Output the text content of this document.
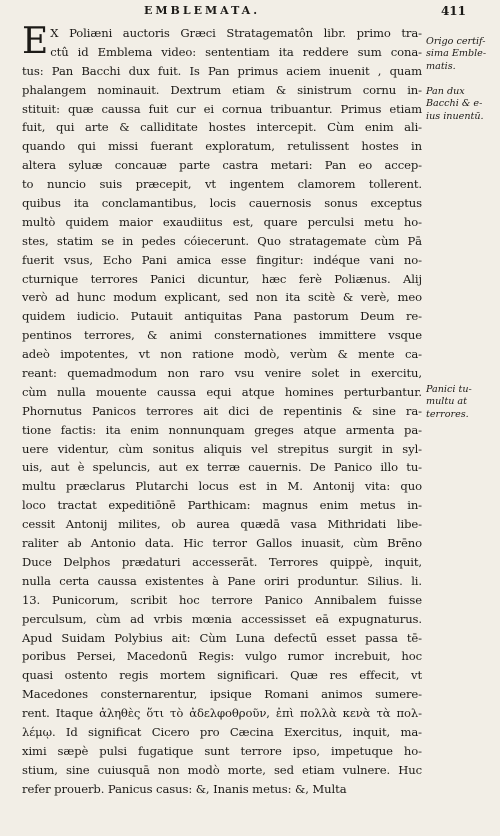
EMBLEMATA.	411
E X Poliæni auctoris Græci Stratagematôn libr. primo tra-
ctû id Emblema video: sententiam ita reddere sum cona-
tus: Pan Bacchi dux fuit. Is Pan primus aciem inuenit , quam
phalangem nominauit. Dextrum etiam & sinistrum cornu in-
stituit: quæ caussa fuit cur ei cornua tribuantur. Primus etiam
fuit, qui arte & calliditate hostes intercepit. Cùm enim ali-
quando qui missi fuerant exploratum, retulissent hostes in
altera syluæ concauæ parte castra metari: Pan eo accep-
to nuncio suis præcepit, vt ingentem clamorem tollerent.
quibus ita conclamantibus, locis cauernosis sonus exceptus
multò quidem maior exaudiitus est, quare perculsi metu ho-
stes, statim se in pedes cóiecerunt. Quo stratagemate cùm Pā
fuerit vsus, Echo Pani amica esse fingitur: indéque vani no-
cturnique terrores Panici dicuntur, hæc ferè Poliænus. Alij
verò ad hunc modum explicant, sed non ita scitè & verè, meo
quidem iudicio. Putauit antiquitas Pana pastorum Deum re-
pentinos terrores, & animi consternationes immittere vsque
adeò impotentes, vt non ratione modò, verùm & mente ca-
reant: quemadmodum non raro vsu venire solet in exercitu,
cùm nulla mouente caussa equi atque homines perturbantur.
Phornutus Panicos terrores ait dici de repentinis & sine ra-
tione factis: ita enim nonnunquam greges atque armenta pa-
uere videntur, cùm sonitus aliquis vel strepitus surgit in syl-
uis, aut è speluncis, aut ex terræ cauernis. De Panico illo tu-
multu præclarus Plutarchi locus est in M. Antonij vita: quo
loco tractat expeditiōnē Parthicam: magnus enim metus in-
cessit Antonij milites, ob aurea quædā vasa Mithridati libe-
raliter ab Antonio data. Hic terror Gallos inuasit, cùm Brēno
Duce Delphos prædaturi accesserāt. Terrores quippè, inquit,
nulla certa caussa existentes à Pane oriri produntur. Silius. li.
13. Punicorum, scribit hoc terrore Panico Annibalem fuisse
perculsum, cùm ad vrbis mœnia accessisset eā expugnaturus.
Apud Suidam Polybius ait: Cùm Luna defectū esset passa tē-
poribus Persei, Macedonū Regis: vulgo rumor increbuit, hoc
quasi ostento regis mortem significari. Quæ res effecit, vt
Macedones consternarentur, ipsique Romani animos sumere-
rent. Itaque ἀληθὲς ὅτι τὸ ἀδελφοθροῦν, ἐπὶ πολλὰ κενὰ τὰ πολ-
λέμῳ. Id significat Cicero pro Cæcina Exercitus, inquit, ma-
ximi sæpè pulsi fugatique sunt terrore ipso, impetuque ho-
stium, sine cuiusquā non modò morte, sed etiam vulnere. Huc
refer prouerb. Panicus casus: &, Inanis metus: &, Multa
Origo certif-
sima Emble-
matis.
Pan dux
Bacchi & e-
ius inuentū.
Panici tu-
multu at
terrores.
